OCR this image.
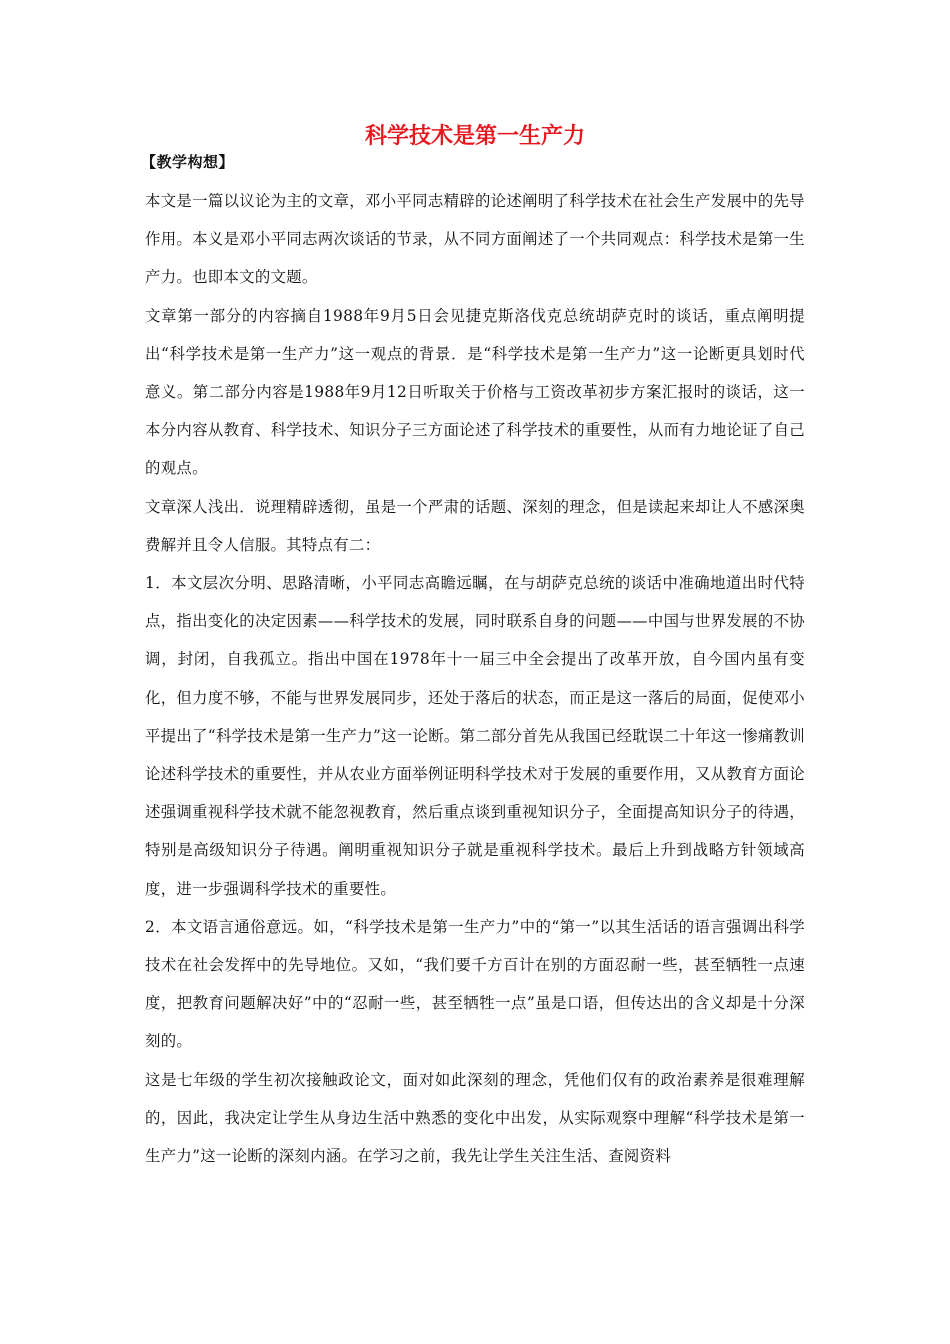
科学技术是第一生产力
【教学构想】

本文是一篇以议论为主的文章，邓小平同志精辟的论述阐明了科学技术在社会生产发展中的先导作用。本义是邓小平同志两次谈话的节录，从不同方面阐述了一个共同观点：科学技术是第一生产力。也即本文的文题。

文章第一部分的内容摘自1988年9月5日会见捷克斯洛伐克总统胡萨克时的谈话，重点阐明提出“科学技术是第一生产力”这一观点的背景．是“科学技术是第一生产力”这一论断更具划时代意义。第二部分内容是1988年9月12日听取关于价格与工资改革初步方案汇报时的谈话，这一本分内容从教育、科学技术、知识分子三方面论述了科学技术的重要性，从而有力地论证了自己的观点。

文章深人浅出．说理精辟透彻，虽是一个严肃的话题、深刻的理念，但是读起来却让人不感深奥费解并且令人信服。其特点有二：

1．本文层次分明、思路清晰，小平同志高瞻远瞩，在与胡萨克总统的谈话中准确地道出时代特点，指出变化的决定因素——科学技术的发展，同时联系自身的问题——中国与世界发展的不协调，封闭，自我孤立。指出中国在1978年十一届三中全会提出了改革开放，自今国内虽有变化，但力度不够，不能与世界发展同步，还处于落后的状态，而正是这一落后的局面，促使邓小平提出了“科学技术是第一生产力”这一论断。第二部分首先从我国已经耽误二十年这一惨痛教训论述科学技术的重要性，并从农业方面举例证明科学技术对于发展的重要作用，又从教育方面论述强调重视科学技术就不能忽视教育，然后重点谈到重视知识分子，全面提高知识分子的待遇，特别是高级知识分子待遇。阐明重视知识分子就是重视科学技术。最后上升到战略方针领域高度，进一步强调科学技术的重要性。

2．本文语言通俗意远。如，“科学技术是第一生产力”中的“第一”以其生活话的语言强调出科学技术在社会发挥中的先导地位。又如，“我们要千方百计在别的方面忍耐一些，甚至牺牲一点速度，把教育问题解决好”中的“忍耐一些，甚至牺牲一点”虽是口语，但传达出的含义却是十分深刻的。

这是七年级的学生初次接触政论文，面对如此深刻的理念，凭他们仅有的政治素养是很难理解的，因此，我决定让学生从身边生活中熟悉的变化中出发，从实际观察中理解“科学技术是第一生产力”这一论断的深刻内涵。在学习之前，我先让学生关注生活、查阅资料
